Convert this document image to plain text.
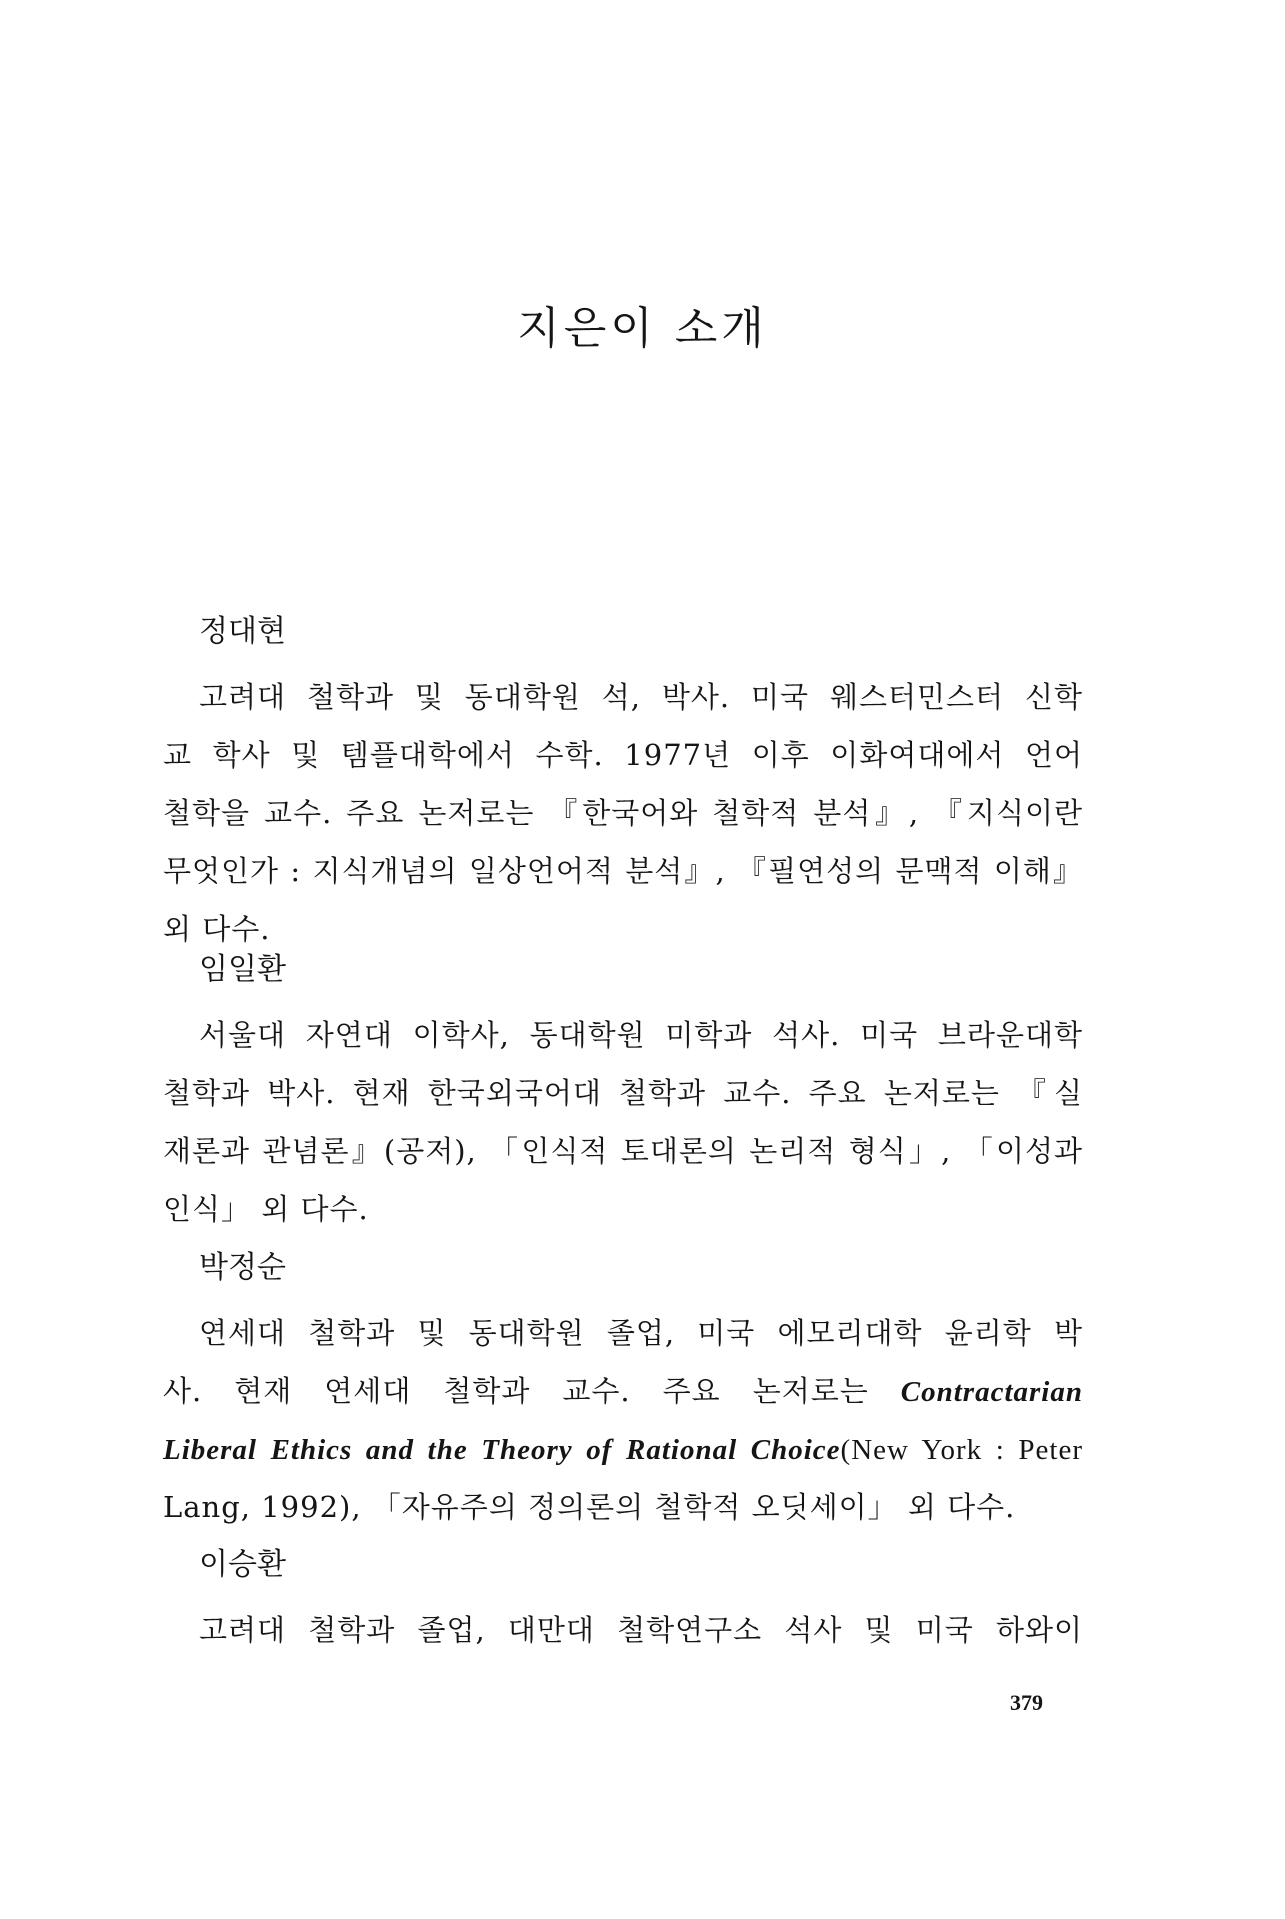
지은이 소개
정대현
고려대 철학과 및 동대학원 석, 박사. 미국 웨스터민스터 신학
교 학사 및 템플대학에서 수학. 1977년 이후 이화여대에서 언어
철학을 교수. 주요 논저로는 『한국어와 철학적 분석』, 『지식이란
무엇인가 : 지식개념의 일상언어적 분석』, 『필연성의 문맥적 이해』
외 다수.
임일환
서울대 자연대 이학사, 동대학원 미학과 석사. 미국 브라운대학
철학과 박사. 현재 한국외국어대 철학과 교수. 주요 논저로는 『실
재론과 관념론』(공저), 「인식적 토대론의 논리적 형식」, 「이성과
인식」 외 다수.
박정순
연세대 철학과 및 동대학원 졸업, 미국 에모리대학 윤리학 박
사. 현재 연세대 철학과 교수. 주요 논저로는 Contractarian
Liberal Ethics and the Theory of Rational Choice(New York : Peter
Lang, 1992), 「자유주의 정의론의 철학적 오딧세이」 외 다수.
이승환
고려대 철학과 졸업, 대만대 철학연구소 석사 및 미국 하와이
379
